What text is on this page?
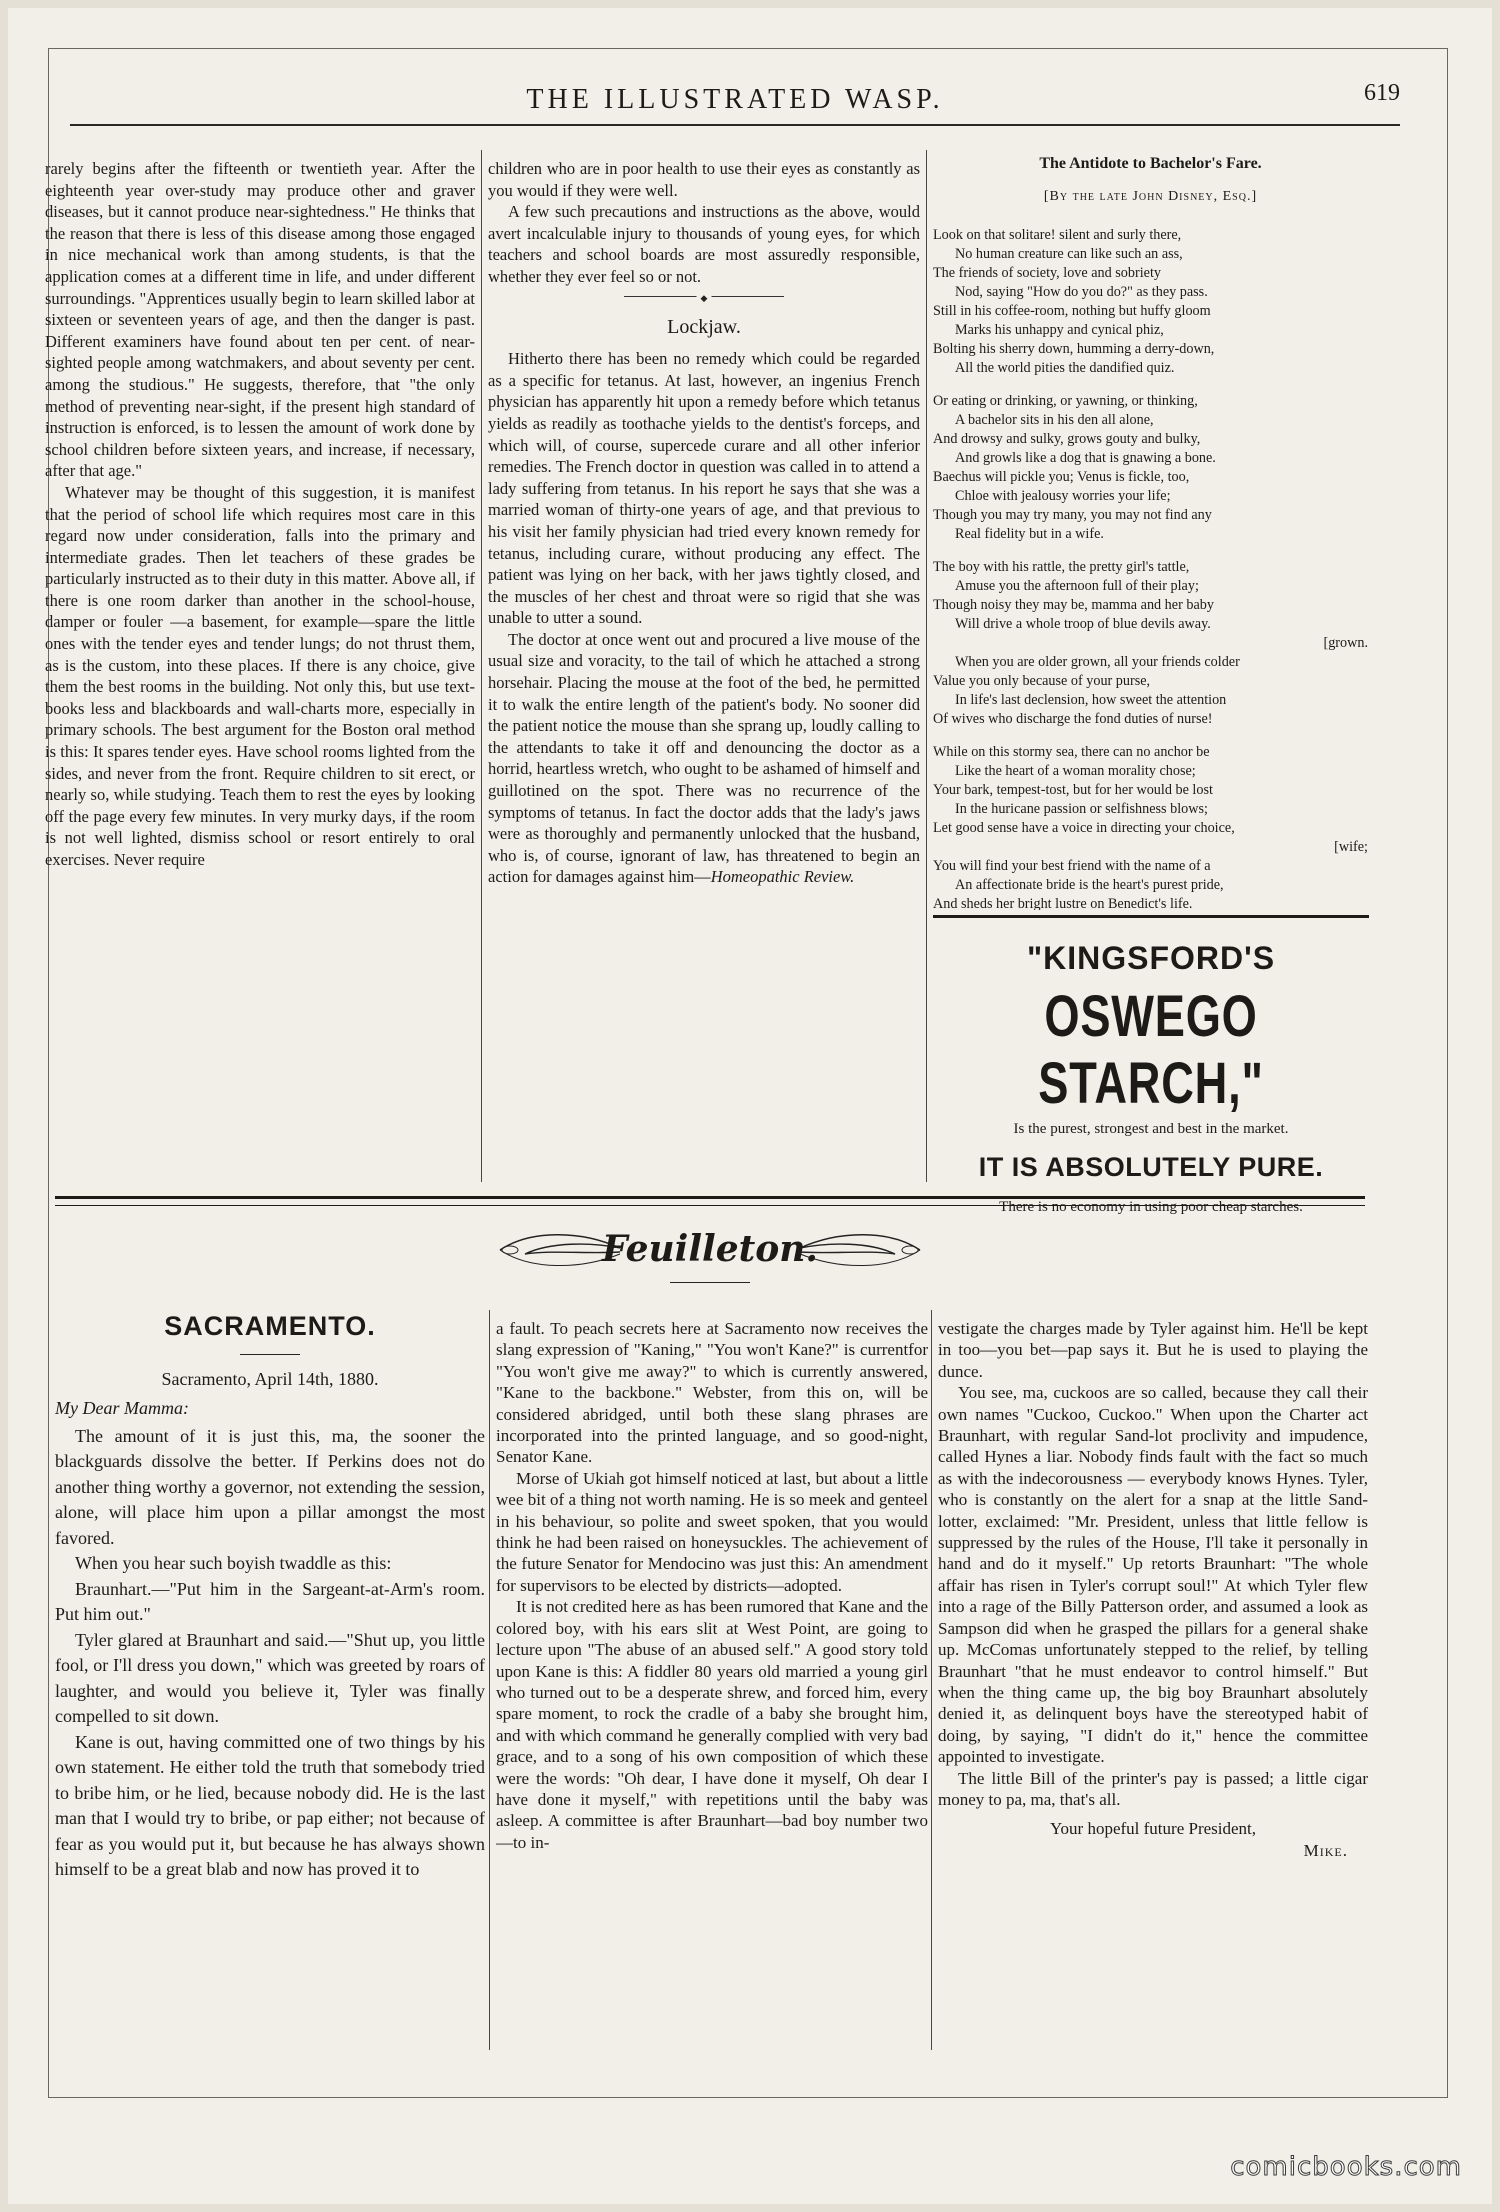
THE ILLUSTRATED WASP.	619

rarely begins after the fifteenth or twentieth year. After the eighteenth year over-study may produce other and graver diseases, but it cannot produce near-sightedness." He thinks that the reason that there is less of this disease among those engaged in nice mechanical work than among students, is that the application comes at a different time in life, and under different surroundings. "Apprentices usually begin to learn skilled labor at sixteen or seventeen years of age, and then the danger is past. Different examiners have found about ten per cent. of near-sighted people among watchmakers, and about seventy per cent. among the studious." He suggests, therefore, that "the only method of preventing near-sight, if the present high standard of instruction is enforced, is to lessen the amount of work done by school children before sixteen years, and increase, if necessary, after that age."

Whatever may be thought of this suggestion, it is manifest that the period of school life which requires most care in this regard now under consideration, falls into the primary and intermediate grades. Then let teachers of these grades be particularly instructed as to their duty in this matter. Above all, if there is one room darker than another in the school-house, damper or fouler —a basement, for example—spare the little ones with the tender eyes and tender lungs; do not thrust them, as is the custom, into these places. If there is any choice, give them the best rooms in the building. Not only this, but use text-books less and blackboards and wall-charts more, especially in primary schools. The best argument for the Boston oral method is this: It spares tender eyes. Have school rooms lighted from the sides, and never from the front. Require children to sit erect, or nearly so, while studying. Teach them to rest the eyes by looking off the page every few minutes. In very murky days, if the room is not well lighted, dismiss school or resort entirely to oral exercises. Never require

children who are in poor health to use their eyes as constantly as you would if they were well.

A few such precautions and instructions as the above, would avert incalculable injury to thousands of young eyes, for which teachers and school boards are most assuredly responsible, whether they ever feel so or not.

◆
Lockjaw.

Hitherto there has been no remedy which could be regarded as a specific for tetanus. At last, however, an ingenius French physician has apparently hit upon a remedy before which tetanus yields as readily as toothache yields to the dentist's forceps, and which will, of course, supercede curare and all other inferior remedies. The French doctor in question was called in to attend a lady suffering from tetanus. In his report he says that she was a married woman of thirty-one years of age, and that previous to his visit her family physician had tried every known remedy for tetanus, including curare, without producing any effect. The patient was lying on her back, with her jaws tightly closed, and the muscles of her chest and throat were so rigid that she was unable to utter a sound.

The doctor at once went out and procured a live mouse of the usual size and voracity, to the tail of which he attached a strong horsehair. Placing the mouse at the foot of the bed, he permitted it to walk the entire length of the patient's body. No sooner did the patient notice the mouse than she sprang up, loudly calling to the attendants to take it off and denouncing the doctor as a horrid, heartless wretch, who ought to be ashamed of himself and guillotined on the spot. There was no recurrence of the symptoms of tetanus. In fact the doctor adds that the lady's jaws were as thoroughly and permanently unlocked that the husband, who is, of course, ignorant of law, has threatened to begin an action for damages against him—Homeopathic Review.

The Antidote to Bachelor's Fare.
[By the late John Disney, Esq.]
Look on that solitare! silent and surly there,
No human creature can like such an ass,
The friends of society, love and sobriety
Nod, saying "How do you do?" as they pass.
Still in his coffee-room, nothing but huffy gloom
Marks his unhappy and cynical phiz,
Bolting his sherry down, humming a derry-down,
All the world pities the dandified quiz.
Or eating or drinking, or yawning, or thinking,
A bachelor sits in his den all alone,
And drowsy and sulky, grows gouty and bulky,
And growls like a dog that is gnawing a bone.
Baechus will pickle you; Venus is fickle, too,
Chloe with jealousy worries your life;
Though you may try many, you may not find any
Real fidelity but in a wife.
The boy with his rattle, the pretty girl's tattle,
Amuse you the afternoon full of their play;
Though noisy they may be, mamma and her baby
Will drive a whole troop of blue devils away.
[grown.
When you are older grown, all your friends colder
Value you only because of your purse,
In life's last declension, how sweet the attention
Of wives who discharge the fond duties of nurse!
While on this stormy sea, there can no anchor be
Like the heart of a woman morality chose;
Your bark, tempest-tost, but for her would be lost
In the huricane passion or selfishness blows;
Let good sense have a voice in directing your choice,
[wife;
You will find your best friend with the name of a
An affectionate bride is the heart's purest pride,
And sheds her bright lustre on Benedict's life.
"KINGSFORD'S
OSWEGO STARCH,"
Is the purest, strongest and best in the market.
IT IS ABSOLUTELY PURE.
There is no economy in using poor cheap starches.
Feuilleton.
SACRAMENTO.
Sacramento, April 14th, 1880.
My Dear Mamma:

The amount of it is just this, ma, the sooner the blackguards dissolve the better. If Perkins does not do another thing worthy a governor, not extending the session, alone, will place him upon a pillar amongst the most favored.

When you hear such boyish twaddle as this:

Braunhart.—"Put him in the Sargeant-at-Arm's room. Put him out."

Tyler glared at Braunhart and said.—"Shut up, you little fool, or I'll dress you down," which was greeted by roars of laughter, and would you believe it, Tyler was finally compelled to sit down.

Kane is out, having committed one of two things by his own statement. He either told the truth that somebody tried to bribe him, or he lied, because nobody did. He is the last man that I would try to bribe, or pap either; not because of fear as you would put it, but because he has always shown himself to be a great blab and now has proved it to

a fault. To peach secrets here at Sacramento now receives the slang expression of "Kaning," "You won't Kane?" is currentfor "You won't give me away?" to which is currently answered, "Kane to the backbone." Webster, from this on, will be considered abridged, until both these slang phrases are incorporated into the printed language, and so good-night, Senator Kane.

Morse of Ukiah got himself noticed at last, but about a little wee bit of a thing not worth naming. He is so meek and genteel in his behaviour, so polite and sweet spoken, that you would think he had been raised on honeysuckles. The achievement of the future Senator for Mendocino was just this: An amendment for supervisors to be elected by districts—adopted.

It is not credited here as has been rumored that Kane and the colored boy, with his ears slit at West Point, are going to lecture upon "The abuse of an abused self." A good story told upon Kane is this: A fiddler 80 years old married a young girl who turned out to be a desperate shrew, and forced him, every spare moment, to rock the cradle of a baby she brought him, and with which command he generally complied with very bad grace, and to a song of his own composition of which these were the words: "Oh dear, I have done it myself, Oh dear I have done it myself," with repetitions until the baby was asleep. A committee is after Braunhart—bad boy number two—to in-

vestigate the charges made by Tyler against him. He'll be kept in too—you bet—pap says it. But he is used to playing the dunce.

You see, ma, cuckoos are so called, because they call their own names "Cuckoo, Cuckoo." When upon the Charter act Braunhart, with regular Sand-lot proclivity and impudence, called Hynes a liar. Nobody finds fault with the fact so much as with the indecorousness — everybody knows Hynes. Tyler, who is constantly on the alert for a snap at the little Sand-lotter, exclaimed: "Mr. President, unless that little fellow is suppressed by the rules of the House, I'll take it personally in hand and do it myself." Up retorts Braunhart: "The whole affair has risen in Tyler's corrupt soul!" At which Tyler flew into a rage of the Billy Patterson order, and assumed a look as Sampson did when he grasped the pillars for a general shake up. McComas unfortunately stepped to the relief, by telling Braunhart "that he must endeavor to control himself." But when the thing came up, the big boy Braunhart absolutely denied it, as delinquent boys have the stereotyped habit of doing, by saying, "I didn't do it," hence the committee appointed to investigate.

The little Bill of the printer's pay is passed; a little cigar money to pa, ma, that's all.

Your hopeful future President,
Mike.
comicbooks.com
